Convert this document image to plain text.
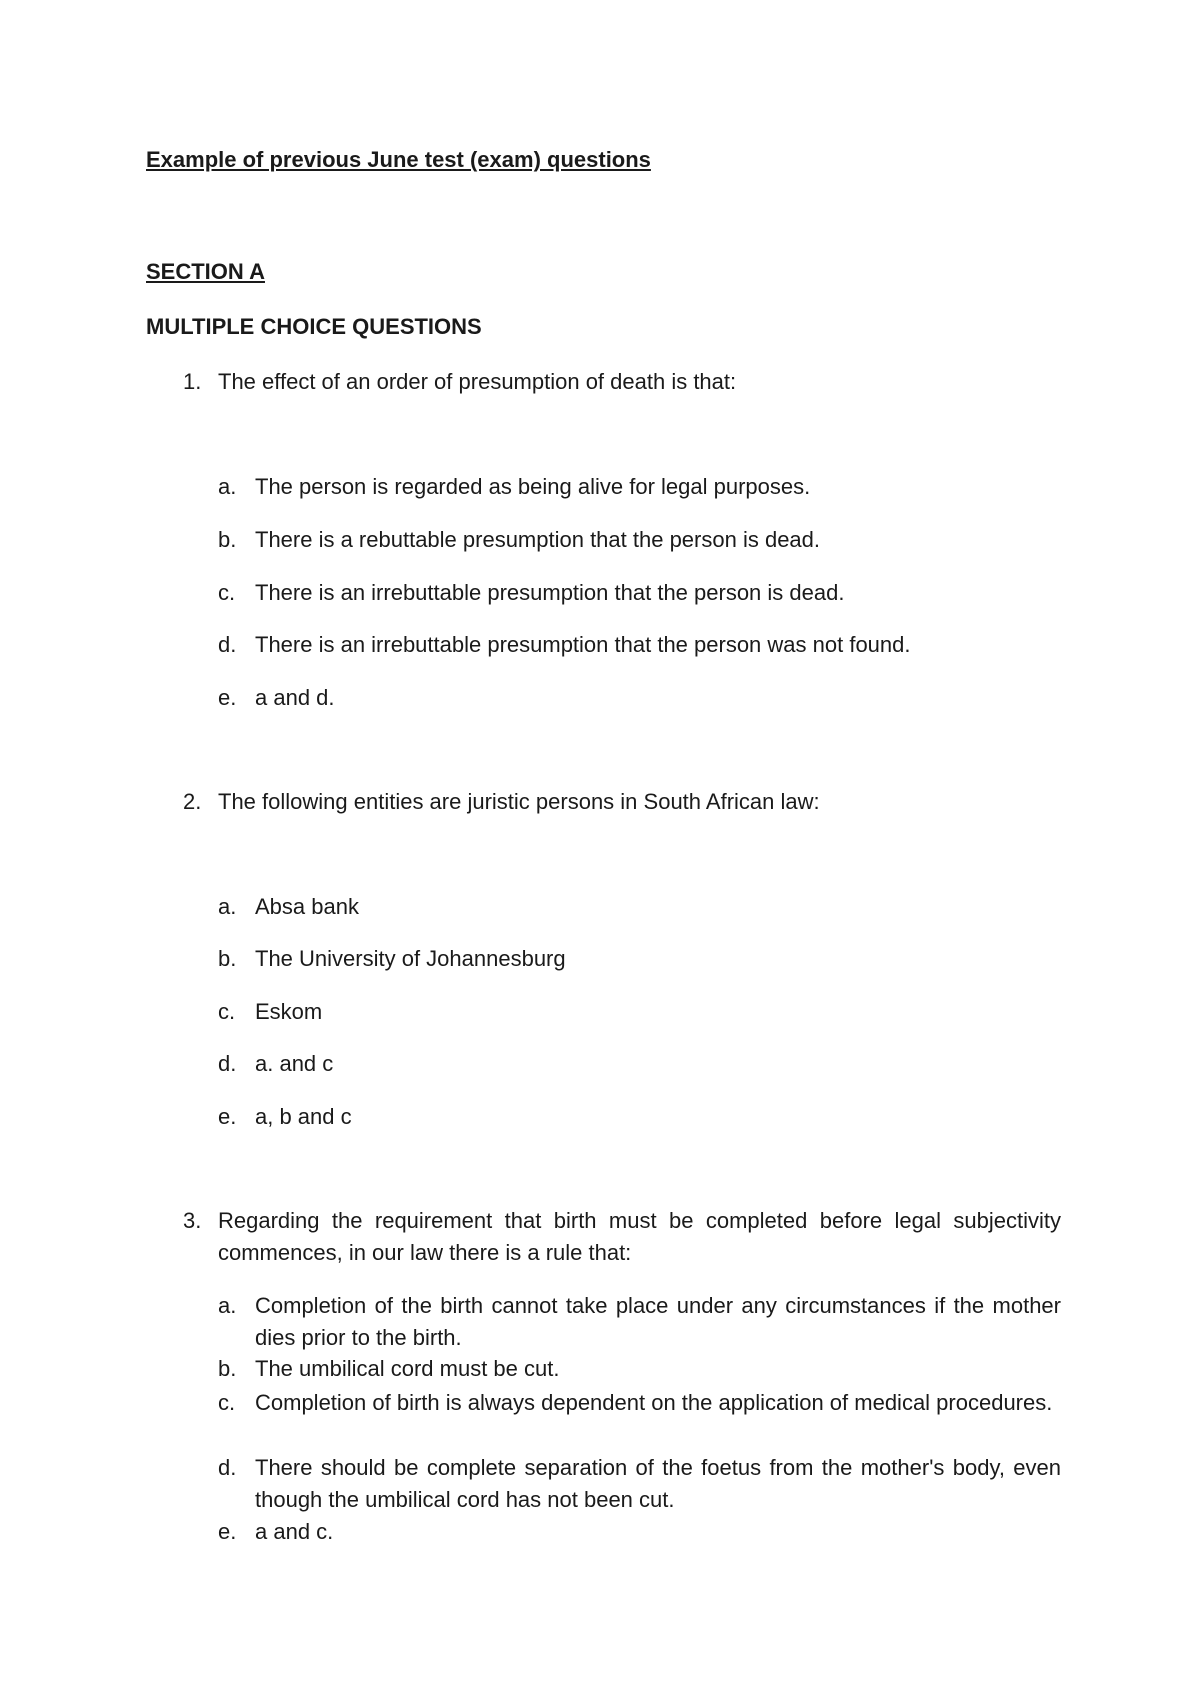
Example of previous June test (exam) questions

SECTION A

MULTIPLE CHOICE QUESTIONS

1. The effect of an order of presumption of death is that:
a. The person is regarded as being alive for legal purposes.
b. There is a rebuttable presumption that the person is dead.
c. There is an irrebuttable presumption that the person is dead.
d. There is an irrebuttable presumption that the person was not found.
e. a and d.
2. The following entities are juristic persons in South African law:
a. Absa bank
b. The University of Johannesburg
c. Eskom
d. a. and c
e. a, b and c
3. Regarding the requirement that birth must be completed before legal subjectivity commences, in our law there is a rule that:
a. Completion of the birth cannot take place under any circumstances if the mother dies prior to the birth.
b. The umbilical cord must be cut.
c. Completion of birth is always dependent on the application of medical procedures.
d. There should be complete separation of the foetus from the mother's body, even though the umbilical cord has not been cut.
e. a and c.
